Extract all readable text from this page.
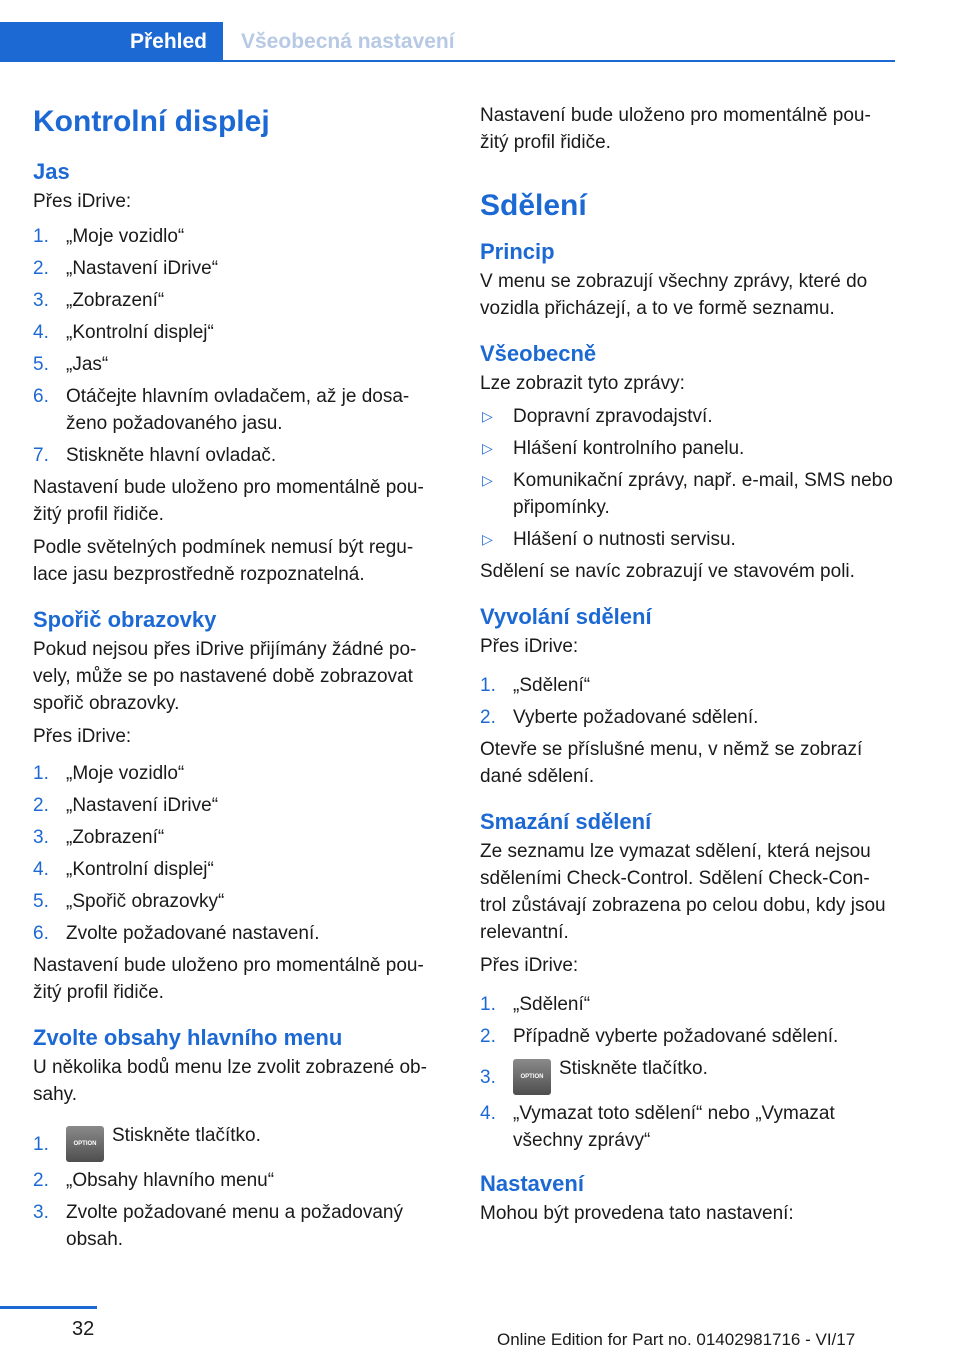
Přehled	Všeobecná nastavení
Kontrolní displej
Jas

Přes iDrive:

1. „Moje vozidlo“
2. „Nastavení iDrive“
3. „Zobrazení“
4. „Kontrolní displej“
5. „Jas“
6. Otáčejte hlavním ovladačem, až je dosa‐ ženo požadovaného jasu.
7. Stiskněte hlavní ovladač.

Nastavení bude uloženo pro momentálně pou‐ žitý profil řidiče.

Podle světelných podmínek nemusí být regu‐ lace jasu bezprostředně rozpoznatelná.

Spořič obrazovky

Pokud nejsou přes iDrive přijímány žádné po‐ vely, může se po nastavené době zobrazovat spořič obrazovky.

Přes iDrive:

1. „Moje vozidlo“
2. „Nastavení iDrive“
3. „Zobrazení“
4. „Kontrolní displej“
5. „Spořič obrazovky“
6. Zvolte požadované nastavení.

Nastavení bude uloženo pro momentálně pou‐ žitý profil řidiče.

Zvolte obsahy hlavního menu

U několika bodů menu lze zvolit zobrazené ob‐ sahy.

1.	OPTION Stiskněte tlačítko.
2. „Obsahy hlavního menu“
3. Zvolte požadované menu a požadovaný obsah.

Nastavení bude uloženo pro momentálně pou‐ žitý profil řidiče.

Sdělení
Princip

V menu se zobrazují všechny zprávy, které do vozidla přicházejí, a to ve formě seznamu.

Všeobecně

Lze zobrazit tyto zprávy:

▷ Dopravní zpravodajství.
▷ Hlášení kontrolního panelu.
▷ Komunikační zprávy, např. e-mail, SMS nebo připomínky.
▷ Hlášení o nutnosti servisu.

Sdělení se navíc zobrazují ve stavovém poli.

Vyvolání sdělení

Přes iDrive:

1. „Sdělení“
2. Vyberte požadované sdělení.

Otevře se příslušné menu, v němž se zobrazí dané sdělení.

Smazání sdělení

Ze seznamu lze vymazat sdělení, která nejsou sděleními Check-Control. Sdělení Check-Con‐ trol zůstávají zobrazena po celou dobu, kdy jsou relevantní.

Přes iDrive:

1. „Sdělení“
2. Případně vyberte požadované sdělení.
3.	OPTION Stiskněte tlačítko.
4. „Vymazat toto sdělení“ nebo „Vymazat všechny zprávy“
Nastavení

Mohou být provedena tato nastavení:

32	Online Edition for Part no. 01402981716 - VI/17
